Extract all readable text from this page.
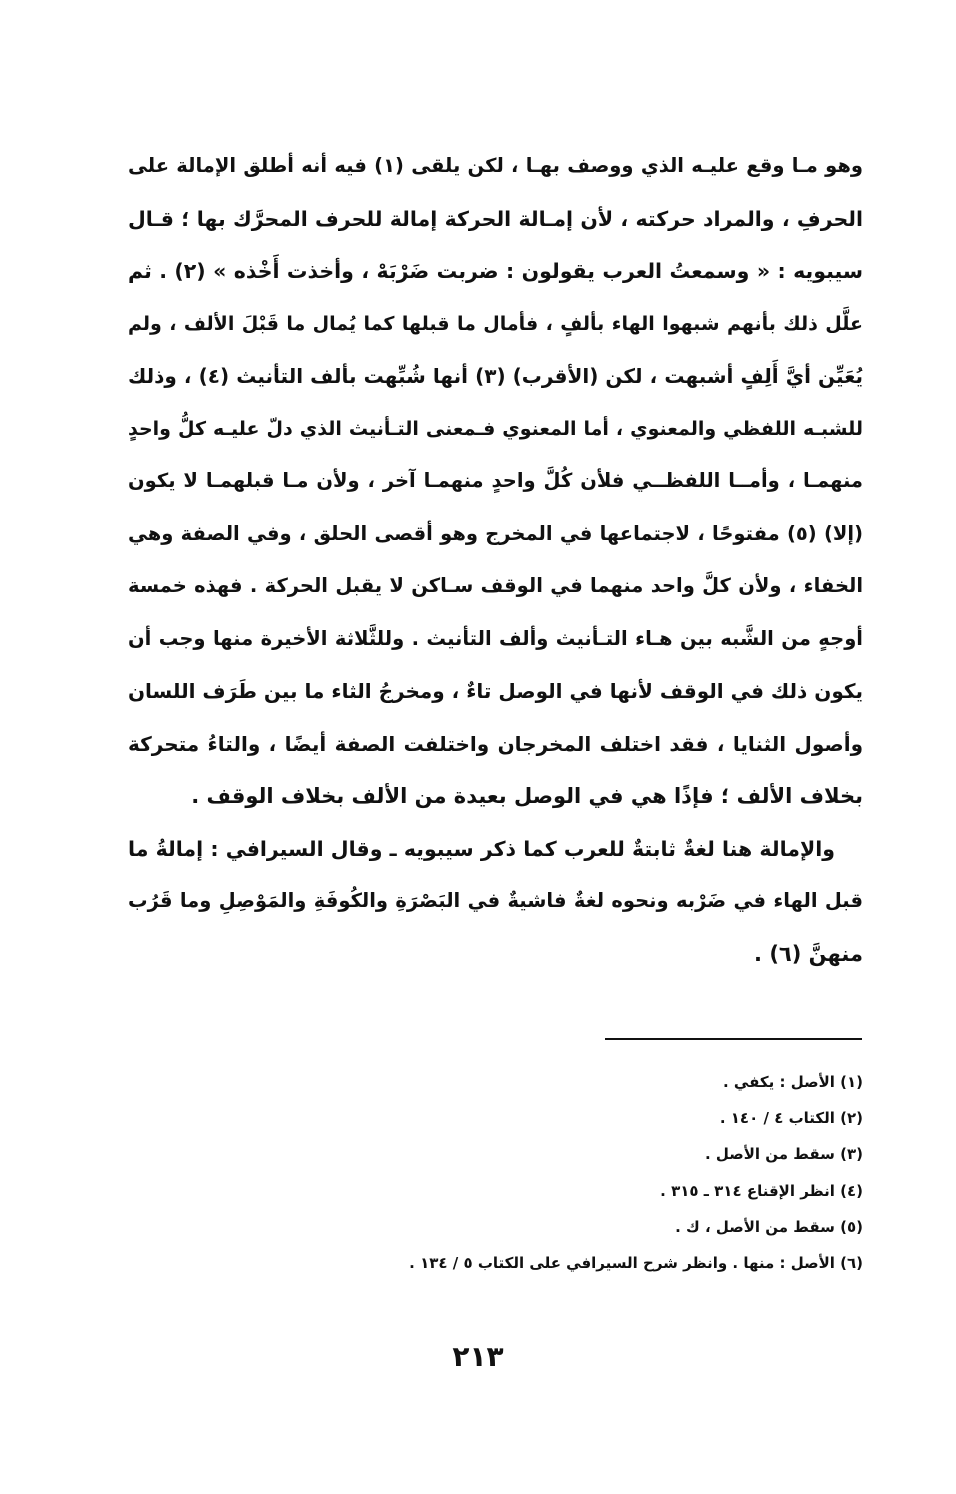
وهو مـا وقع عليـه الذي ووصف بهـا ، لكن يلقى (١) فيه أنه أطلق الإمالة على
الحرفِ ، والمراد حركته ، لأن إمـالة الحركة إمالة للحرف المحرَّك بها ؛ قـال
سيبويه : « وسمعتُ العرب يقولون : ضربت ضَرْبَهْ ، وأخذت أَخْذه » (٢) . ثم
علَّل ذلك بأنهم شبهوا الهاء بألفٍ ، فأمال ما قبلها كما يُمال ما قَبْلَ الألف ، ولم
يُعَيِّن أيَّ أَلِفٍ أشبهت ، لكن (الأقرب) (٣) أنها شُبِّهت بألف التأنيث (٤) ، وذلك
للشبـه اللفظي والمعنوي ، أما المعنوي فـمعنى التـأنيث الذي دلّ عليـه كلُّ واحدٍ
منهمـا ، وأمــا اللفظــي فلأن كُلَّ واحدٍ منهمـا آخر ، ولأن مـا قبلهمـا لا يكون
(إلا) (٥) مفتوحًا ، لاجتماعها في المخرج وهو أقصى الحلق ، وفي الصفة وهي
الخفاء ، ولأن كلَّ واحد منهما في الوقف سـاكن لا يقبل الحركة . فهذه خمسة
أوجهٍ من الشَّبه بين هـاء التـأنيث وألف التأنيث . وللثَّلاثة الأخيرة منها وجب أن
يكون ذلك في الوقف لأنها في الوصل تاءٌ ، ومخرجُ الثاء ما بين طَرَف اللسان
وأصول الثنايا ، فقد اختلف المخرجان واختلفت الصفة أيضًا ، والتاءُ متحركة
بخلاف الألف ؛ فإذًا هي في الوصل بعيدة من الألف بخلاف الوقف .
والإمالة هنا لغةٌ ثابتةٌ للعرب كما ذكر سيبويه ـ وقال السيرافي : إمالةُ ما
قبل الهاء في ضَرْبه ونحوه لغةٌ فاشيةٌ في البَصْرَةِ والكُوفَةِ والمَوْصِلِ وما قَرُب
منهنَّ (٦) .
(١) الأصل : يكفي .
(٢) الكتاب ٤ / ١٤٠ .
(٣) سقط من الأصل .
(٤) انظر الإقناع ٣١٤ ـ ٣١٥ .
(٥) سقط من الأصل ، ك .
(٦) الأصل : منها . وانظر شرح السيرافي على الكتاب ٥ / ١٣٤ .
٢١٣
